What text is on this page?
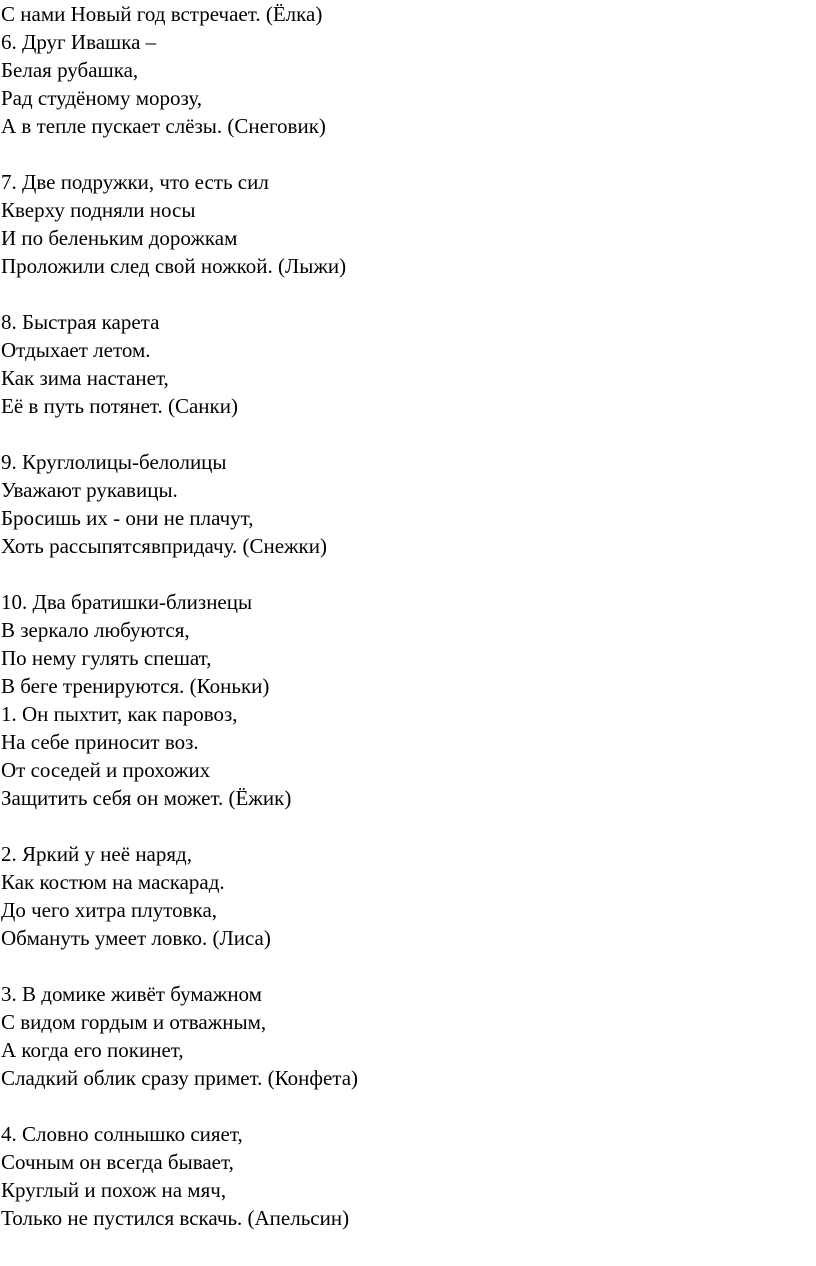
С нами Новый год встречает. (Ёлка)
6. Друг Ивашка –
Белая рубашка,
Рад студёному морозу,
А в тепле пускает слёзы. (Снеговик)
7. Две подружки, что есть сил
Кверху подняли носы
И по беленьким дорожкам
Проложили след свой ножкой. (Лыжи)
8. Быстрая карета
Отдыхает летом.
Как зима настанет,
Её в путь потянет. (Санки)
9. Круглолицы-белолицы
Уважают рукавицы.
Бросишь их - они не плачут,
Хоть рассыпятсявпридачу. (Снежки)
10. Два братишки-близнецы
В зеркало любуются,
По нему гулять спешат,
В беге тренируются. (Коньки)
1. Он пыхтит, как паровоз,
На себе приносит воз.
От соседей и прохожих
Защитить себя он может. (Ёжик)
2. Яркий у неё наряд,
Как костюм на маскарад.
До чего хитра плутовка,
Обмануть умеет ловко. (Лиса)
3. В домике живёт бумажном
С видом гордым и отважным,
А когда его покинет,
Сладкий облик сразу примет. (Конфета)
4. Словно солнышко сияет,
Сочным он всегда бывает,
Круглый и похож на мяч,
Только не пустился вскачь. (Апельсин)
